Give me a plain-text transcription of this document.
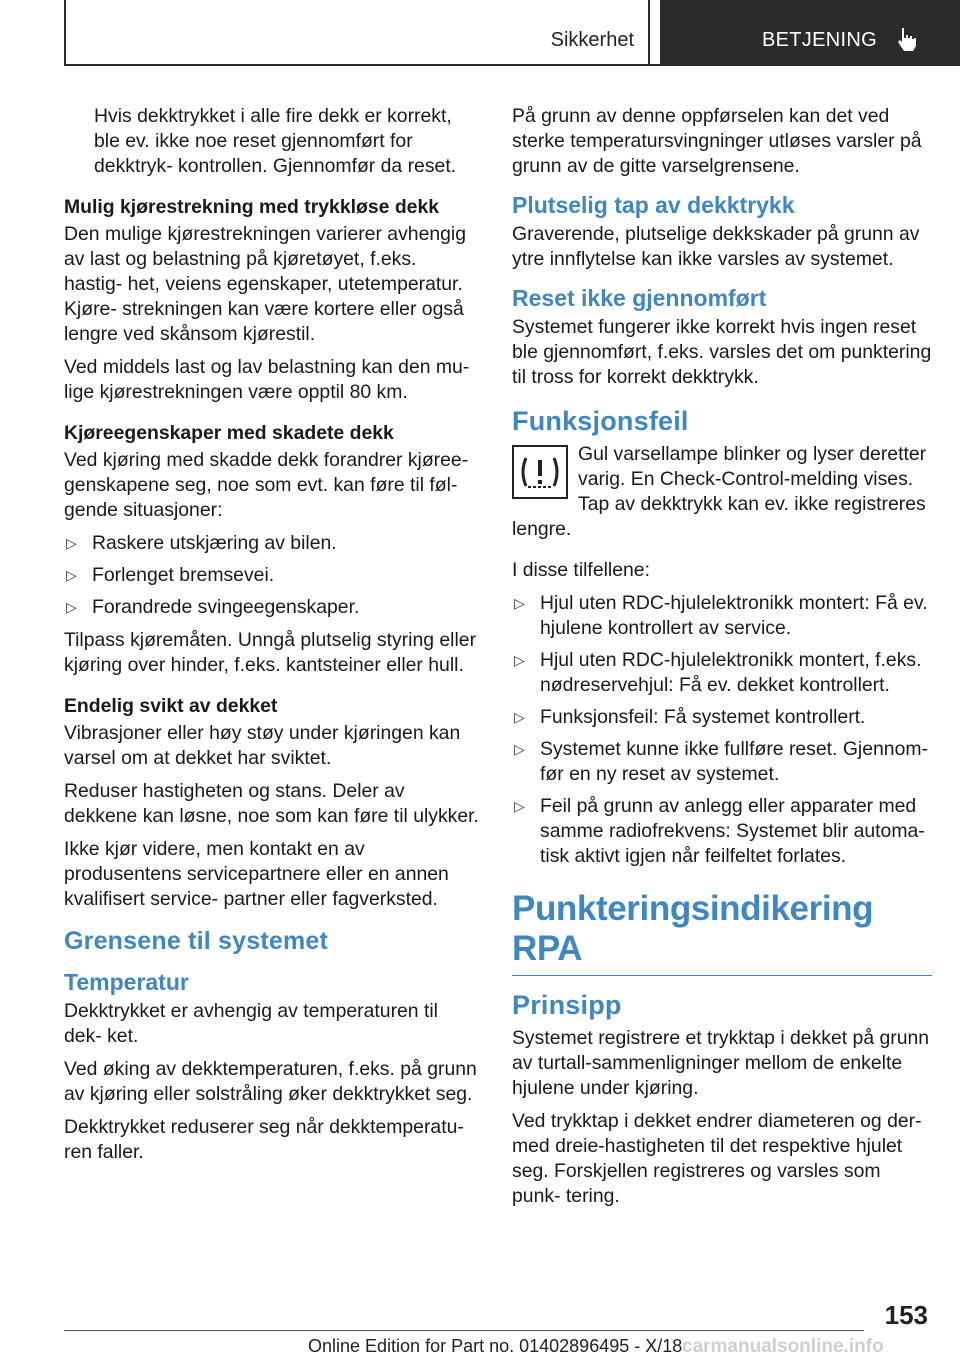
Sikkerhet	BETJENING

Hvis dekktrykket i alle fire dekk er korrekt, ble ev. ikke noe reset gjennomført for dekktryk- kontrollen. Gjennomfør da reset.

Mulig kjørestrekning med trykkløse dekk

Den mulige kjørestrekningen varierer avhengig av last og belastning på kjøretøyet, f.eks. hastig- het, veiens egenskaper, utetemperatur. Kjøre- strekningen kan være kortere eller også lengre ved skånsom kjørestil.

Ved middels last og lav belastning kan den mu- lige kjørestrekningen være opptil 80 km.

Kjøreegenskaper med skadete dekk

Ved kjøring med skadde dekk forandrer kjøree- genskapene seg, noe som evt. kan føre til føl- gende situasjoner:

▷ Raskere utskjæring av bilen.
▷ Forlenget bremsevei.
▷ Forandrede svingeegenskaper.

Tilpass kjøremåten. Unngå plutselig styring eller kjøring over hinder, f.eks. kantsteiner eller hull.

Endelig svikt av dekket

Vibrasjoner eller høy støy under kjøringen kan varsel om at dekket har sviktet.

Reduser hastigheten og stans. Deler av dekkene kan løsne, noe som kan føre til ulykker.

Ikke kjør videre, men kontakt en av produsentens servicepartnere eller en annen kvalifisert service- partner eller fagverksted.

Grensene til systemet
Temperatur

Dekktrykket er avhengig av temperaturen til dek- ket.

Ved øking av dekktemperaturen, f.eks. på grunn av kjøring eller solstråling øker dekktrykket seg.

Dekktrykket reduserer seg når dekktemperatu- ren faller.

På grunn av denne oppførselen kan det ved sterke temperatursvingninger utløses varsler på grunn av de gitte varselgrensene.

Plutselig tap av dekktrykk

Graverende, plutselige dekkskader på grunn av ytre innflytelse kan ikke varsles av systemet.

Reset ikke gjennomført

Systemet fungerer ikke korrekt hvis ingen reset ble gjennomført, f.eks. varsles det om punktering til tross for korrekt dekktrykk.

Funksjonsfeil
Gul varsellampe blinker og lyser deretter varig. En Check-Control-melding vises. Tap av dekktrykk kan ev. ikke registreres lengre.

I disse tilfellene:

▷ Hjul uten RDC-hjulelektronikk montert: Få ev. hjulene kontrollert av service.
▷ Hjul uten RDC-hjulelektronikk montert, f.eks. nødreservehjul: Få ev. dekket kontrollert.
▷ Funksjonsfeil: Få systemet kontrollert.
▷ Systemet kunne ikke fullføre reset. Gjennom- før en ny reset av systemet.
▷ Feil på grunn av anlegg eller apparater med samme radiofrekvens: Systemet blir automa- tisk aktivt igjen når feilfeltet forlates.
Punkteringsindikering RPA
Prinsipp

Systemet registrere et trykktap i dekket på grunn av turtall-sammenligninger mellom de enkelte hjulene under kjøring.

Ved trykktap i dekket endrer diameteren og der- med dreie-hastigheten til det respektive hjulet seg. Forskjellen registreres og varsles som punk- tering.

153
Online Edition for Part no. 01402896495 - X/18 carmanualsonline.info
